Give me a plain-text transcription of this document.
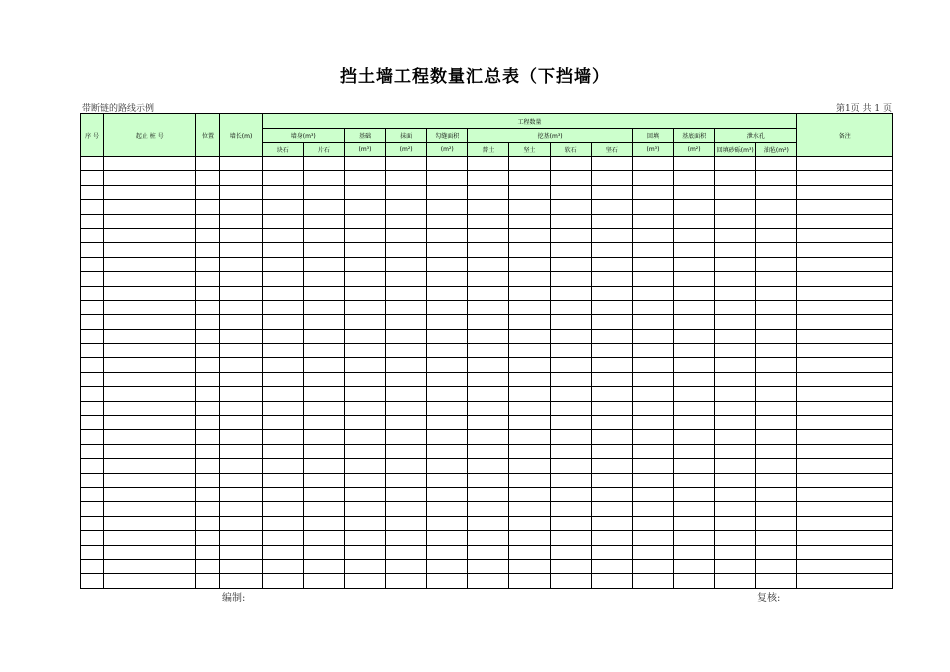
挡土墙工程数量汇总表（下挡墙）
带断链的路线示例	第1页 共 1 页
序 号	起止 桩 号	位置	墙长(m)	工程数量													备注
				墙身(m³)		基础	抹面	勾缝面积	挖基(m³)				回填	基底面积	泄水孔		
				块石	片石	(m³)	(m²)	(m²)	普土	坚土	软石	坚石	(m³)	(m²)	回填砂砾(m³)	油毡(m²)	

编制:	复核:
